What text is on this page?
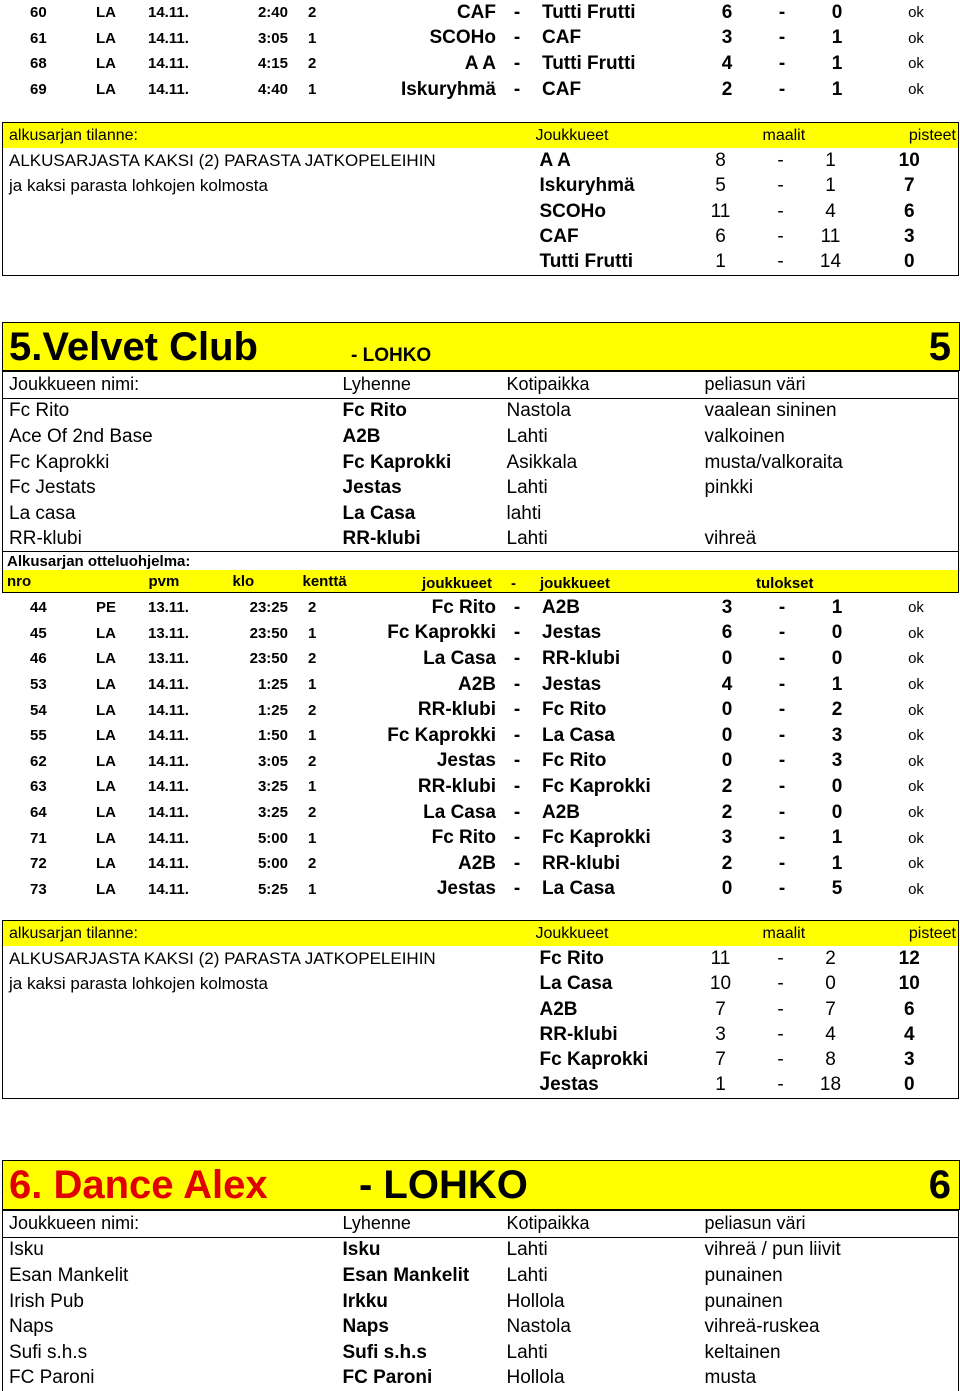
60	LA	14.11.	2:40	2	CAF	-	Tutti Frutti	6	-	0	ok
61	LA	14.11.	3:05	1	SCOHo	-	CAF	3	-	1	ok
68	LA	14.11.	4:15	2	A A	-	Tutti Frutti	4	-	1	ok
69	LA	14.11.	4:40	1	Iskuryhmä	-	CAF	2	-	1	ok
alkusarjan tilanne:	Joukkueet		maalit		pisteet
ALKUSARJASTA KAKSI (2) PARASTA JATKOPELEIHIN	A A	8	-	1	10
ja kaksi parasta lohkojen kolmosta	Iskuryhmä	5	-	1	7
	SCOHo	11	-	4	6
	CAF	6	-	11	3
	Tutti Frutti	1	-	14	0
5.Velvet Club	- LOHKO	5
Joukkueen nimi:	Lyhenne	Kotipaikka	peliasun väri
Fc Rito	Fc Rito	Nastola	vaalean sininen
Ace Of 2nd Base	A2B	Lahti	valkoinen
Fc Kaprokki	Fc Kaprokki	Asikkala	musta/valkoraita
Fc Jestats	Jestas	Lahti	pinkki
La casa	La Casa	lahti	
RR-klubi	RR-klubi	Lahti	vihreä
Alkusarjan otteluohjelma:
nro	pvm	klo	kenttä				joukkueet - joukkueet	tulokset
44	PE	13.11.	23:25	2	Fc Rito	-	A2B	3	-	1	ok
45	LA	13.11.	23:50	1	Fc Kaprokki	-	Jestas	6	-	0	ok
46	LA	13.11.	23:50	2	La Casa	-	RR-klubi	0	-	0	ok
53	LA	14.11.	1:25	1	A2B	-	Jestas	4	-	1	ok
54	LA	14.11.	1:25	2	RR-klubi	-	Fc Rito	0	-	2	ok
55	LA	14.11.	1:50	1	Fc Kaprokki	-	La Casa	0	-	3	ok
62	LA	14.11.	3:05	2	Jestas	-	Fc Rito	0	-	3	ok
63	LA	14.11.	3:25	1	RR-klubi	-	Fc Kaprokki	2	-	0	ok
64	LA	14.11.	3:25	2	La Casa	-	A2B	2	-	0	ok
71	LA	14.11.	5:00	1	Fc Rito	-	Fc Kaprokki	3	-	1	ok
72	LA	14.11.	5:00	2	A2B	-	RR-klubi	2	-	1	ok
73	LA	14.11.	5:25	1	Jestas	-	La Casa	0	-	5	ok
alkusarjan tilanne:	Joukkueet		maalit		pisteet
ALKUSARJASTA KAKSI (2) PARASTA JATKOPELEIHIN	Fc Rito	11	-	2	12
ja kaksi parasta lohkojen kolmosta	La Casa	10	-	0	10
	A2B	7	-	7	6
	RR-klubi	3	-	4	4
	Fc Kaprokki	7	-	8	3
	Jestas	1	-	18	0
6. Dance Alex - LOHKO	6
Joukkueen nimi:	Lyhenne	Kotipaikka	peliasun väri
Isku	Isku	Lahti	vihreä / pun liivit
Esan Mankelit	Esan Mankelit	Lahti	punainen
Irish Pub	Irkku	Hollola	punainen
Naps	Naps	Nastola	vihreä-ruskea
Sufi s.h.s	Sufi s.h.s	Lahti	keltainen
FC Paroni	FC Paroni	Hollola	musta
